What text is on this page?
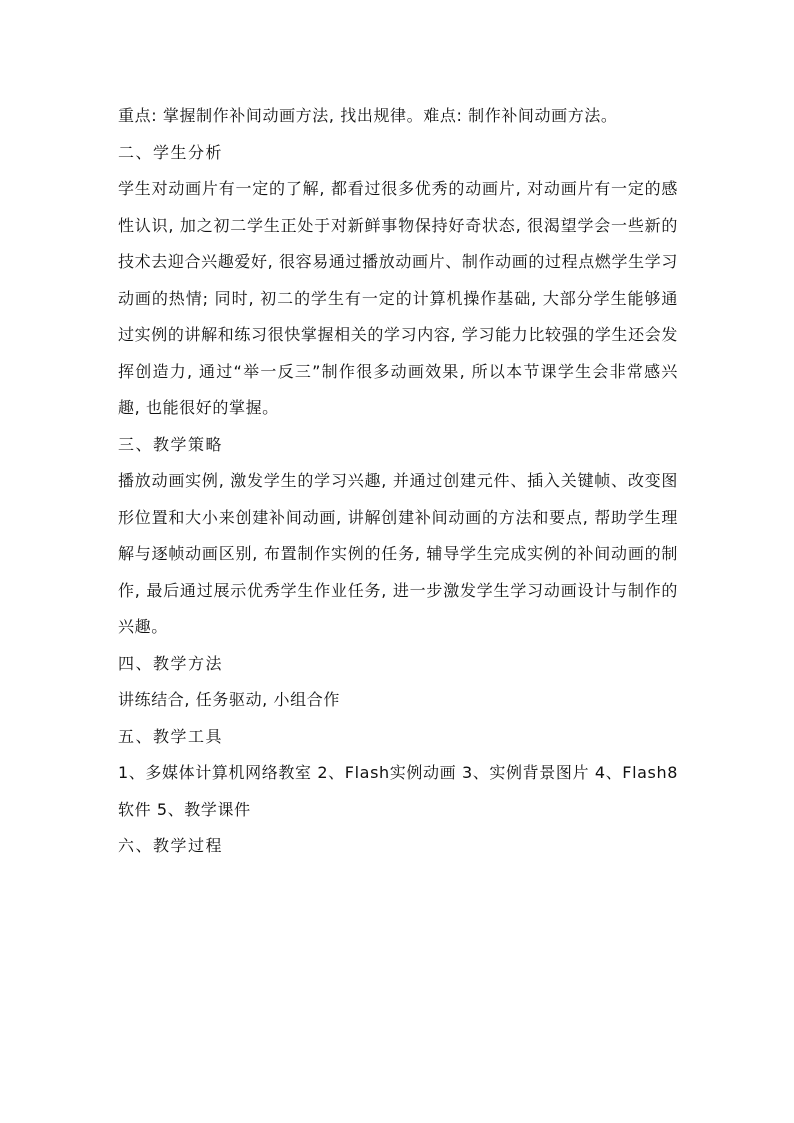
重点: 掌握制作补间动画方法, 找出规律。难点: 制作补间动画方法。

二、学生分析

学生对动画片有一定的了解, 都看过很多优秀的动画片, 对动画片有一定的感性认识, 加之初二学生正处于对新鲜事物保持好奇状态, 很渴望学会一些新的技术去迎合兴趣爱好, 很容易通过播放动画片、制作动画的过程点燃学生学习动画的热情; 同时, 初二的学生有一定的计算机操作基础, 大部分学生能够通过实例的讲解和练习很快掌握相关的学习内容, 学习能力比较强的学生还会发挥创造力, 通过“举一反三”制作很多动画效果, 所以本节课学生会非常感兴趣, 也能很好的掌握。

三、教学策略

播放动画实例, 激发学生的学习兴趣, 并通过创建元件、插入关键帧、改变图形位置和大小来创建补间动画, 讲解创建补间动画的方法和要点, 帮助学生理解与逐帧动画区别, 布置制作实例的任务, 辅导学生完成实例的补间动画的制作, 最后通过展示优秀学生作业任务, 进一步激发学生学习动画设计与制作的兴趣。

四、教学方法

讲练结合, 任务驱动, 小组合作

五、教学工具

1、多媒体计算机网络教室 2、Flash实例动画 3、实例背景图片 4、Flash8 软件 5、教学课件

六、教学过程
